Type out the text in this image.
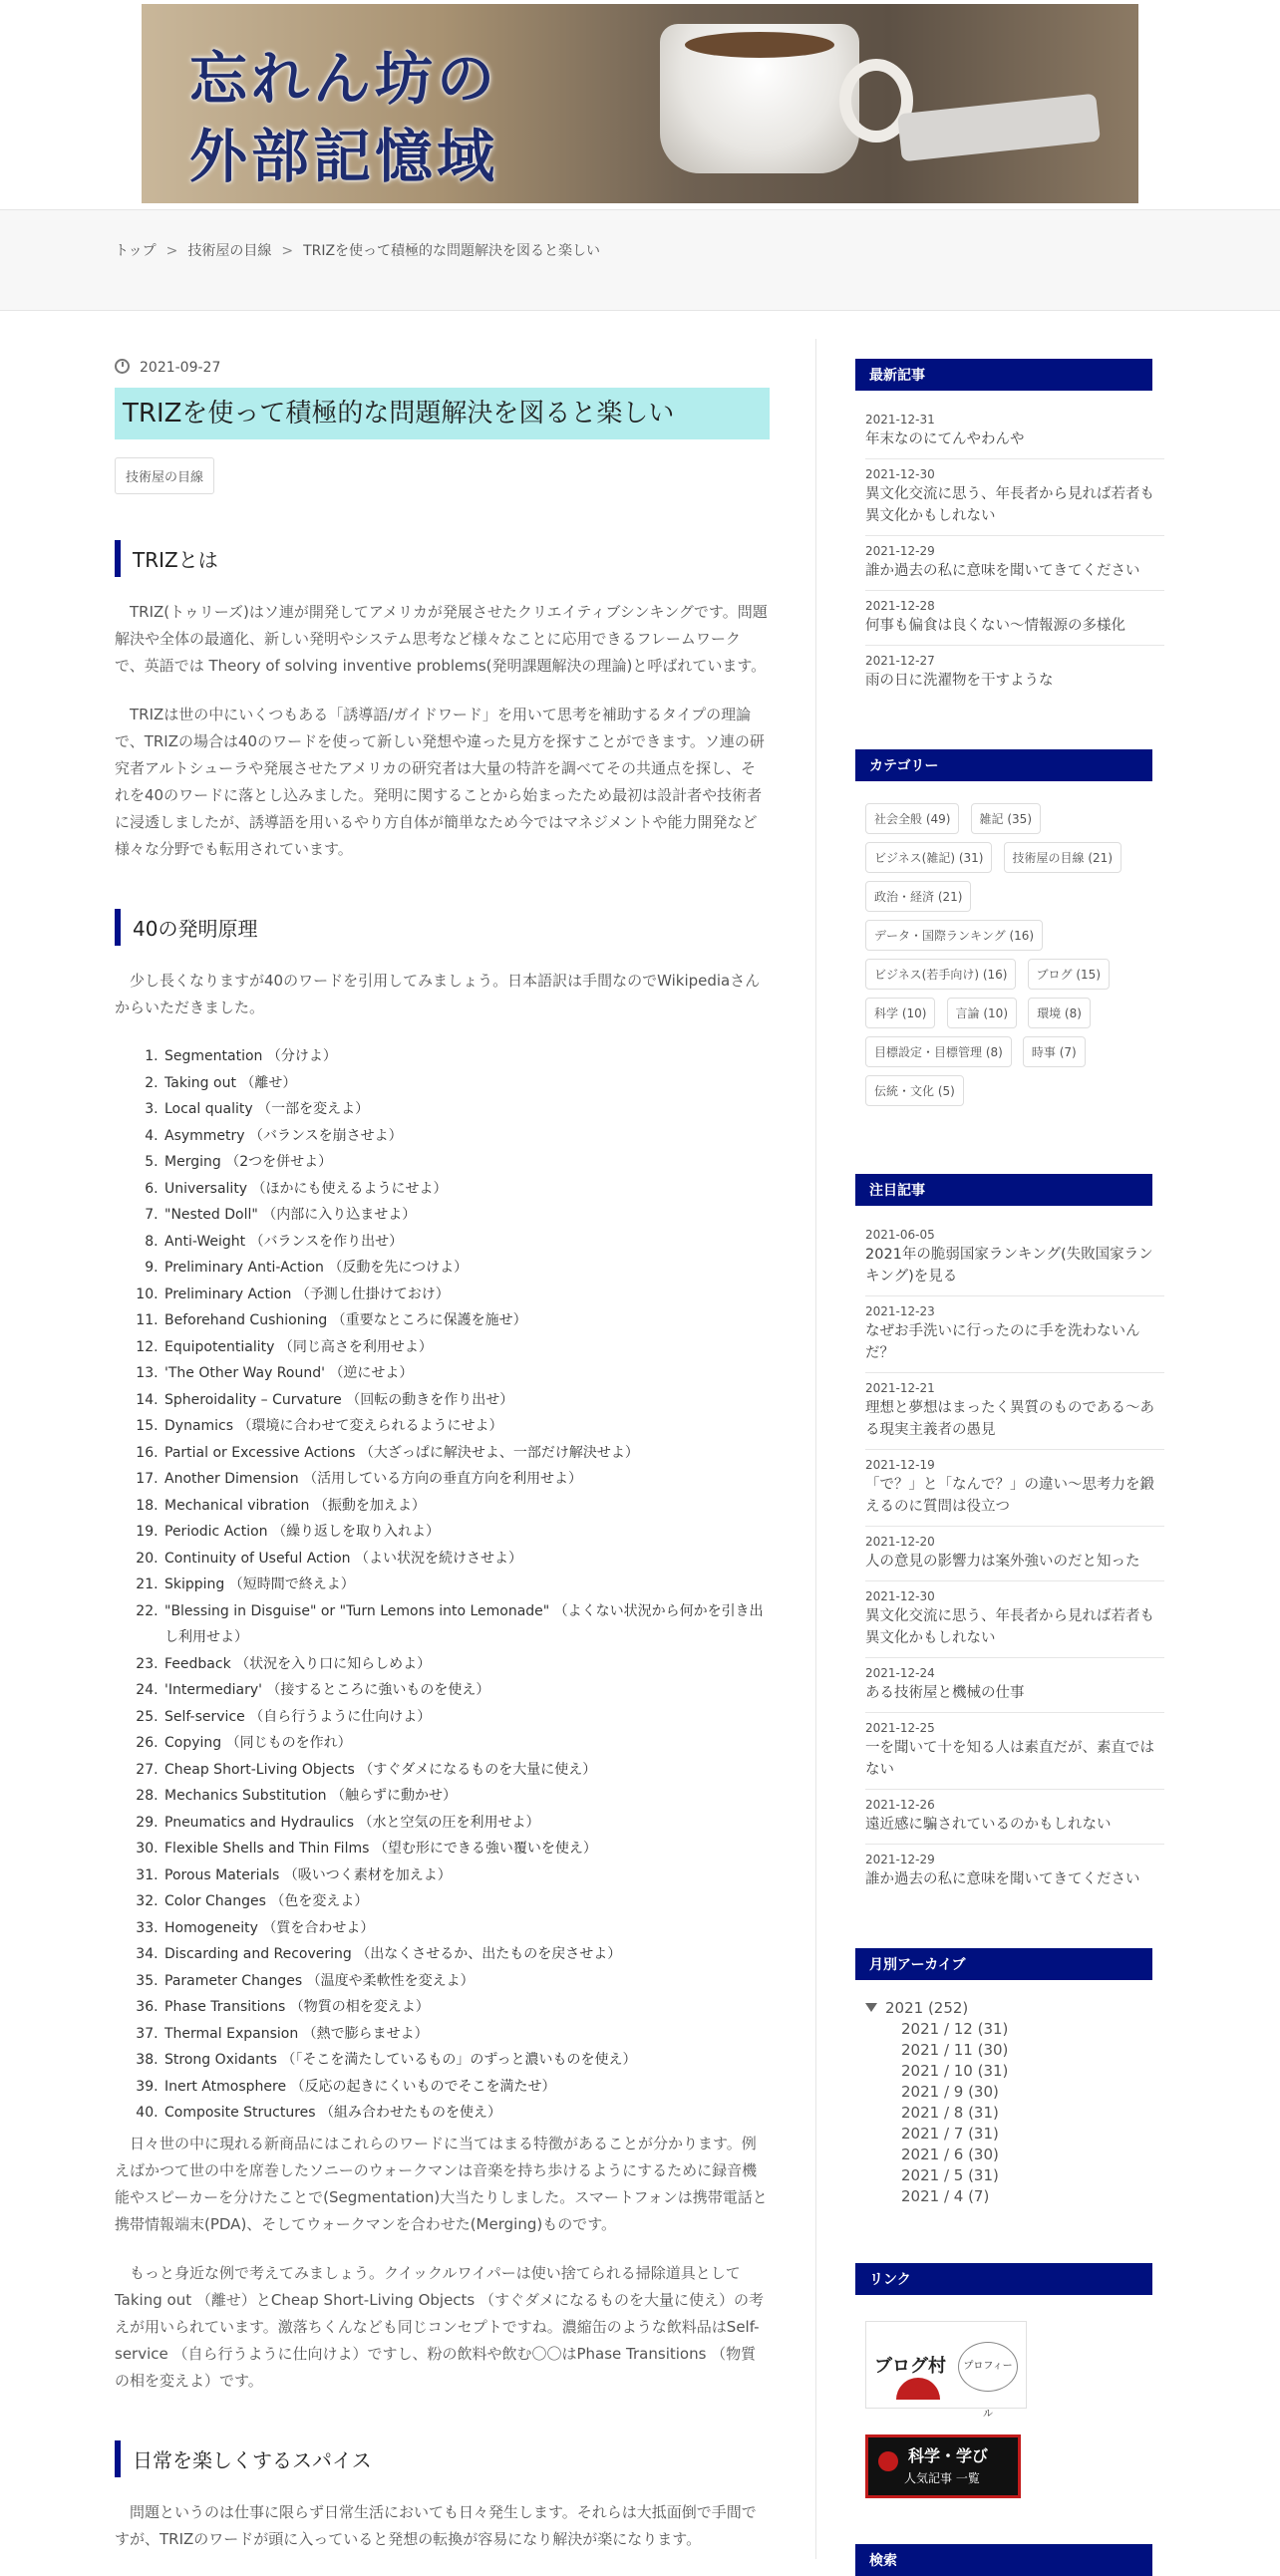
忘れん坊の
外部記憶域
トップ > 技術屋の目線 > TRIZを使って積極的な問題解決を図ると楽しい
2021-09-27
TRIZを使って積極的な問題解決を図ると楽しい
技術屋の目線
TRIZとは

TRIZ(トゥリーズ)はソ連が開発してアメリカが発展させたクリエイティブシンキングです。問題解決や全体の最適化、新しい発明やシステム思考など様々なことに応用できるフレームワークで、英語では Theory of solving inventive problems(発明課題解決の理論)と呼ばれています。

TRIZは世の中にいくつもある「誘導語/ガイドワード」を用いて思考を補助するタイプの理論で、TRIZの場合は40のワードを使って新しい発想や違った見方を探すことができます。ソ連の研究者アルトシューラや発展させたアメリカの研究者は大量の特許を調べてその共通点を探し、それを40のワードに落とし込みました。発明に関することから始まったため最初は設計者や技術者に浸透しましたが、誘導語を用いるやり方自体が簡単なため今ではマネジメントや能力開発など様々な分野でも転用されています。

40の発明原理

少し長くなりますが40のワードを引用してみましょう。日本語訳は手間なのでWikipediaさんからいただきました。

1. Segmentation （分けよ）
2. Taking out （離せ）
3. Local quality （一部を変えよ）
4. Asymmetry （バランスを崩させよ）
5. Merging （2つを併せよ）
6. Universality （ほかにも使えるようにせよ）
7. "Nested Doll" （内部に入り込ませよ）
8. Anti-Weight （バランスを作り出せ）
9. Preliminary Anti-Action （反動を先につけよ）
10. Preliminary Action （予測し仕掛けておけ）
11. Beforehand Cushioning （重要なところに保護を施せ）
12. Equipotentiality （同じ高さを利用せよ）
13. 'The Other Way Round' （逆にせよ）
14. Spheroidality – Curvature （回転の動きを作り出せ）
15. Dynamics （環境に合わせて変えられるようにせよ）
16. Partial or Excessive Actions （大ざっぱに解決せよ、一部だけ解決せよ）
17. Another Dimension （活用している方向の垂直方向を利用せよ）
18. Mechanical vibration （振動を加えよ）
19. Periodic Action （繰り返しを取り入れよ）
20. Continuity of Useful Action （よい状況を続けさせよ）
21. Skipping （短時間で終えよ）
22. "Blessing in Disguise" or "Turn Lemons into Lemonade" （よくない状況から何かを引き出し利用せよ）
23. Feedback （状況を入り口に知らしめよ）
24. 'Intermediary' （接するところに強いものを使え）
25. Self-service （自ら行うように仕向けよ）
26. Copying （同じものを作れ）
27. Cheap Short-Living Objects （すぐダメになるものを大量に使え）
28. Mechanics Substitution （触らずに動かせ）
29. Pneumatics and Hydraulics （水と空気の圧を利用せよ）
30. Flexible Shells and Thin Films （望む形にできる強い覆いを使え）
31. Porous Materials （吸いつく素材を加えよ）
32. Color Changes （色を変えよ）
33. Homogeneity （質を合わせよ）
34. Discarding and Recovering （出なくさせるか、出たものを戻させよ）
35. Parameter Changes （温度や柔軟性を変えよ）
36. Phase Transitions （物質の相を変えよ）
37. Thermal Expansion （熱で膨らませよ）
38. Strong Oxidants （「そこを満たしているもの」のずっと濃いものを使え）
39. Inert Atmosphere （反応の起きにくいものでそこを満たせ）
40. Composite Structures （組み合わせたものを使え）

日々世の中に現れる新商品にはこれらのワードに当てはまる特徴があることが分かります。例えばかつて世の中を席巻したソニーのウォークマンは音楽を持ち歩けるようにするために録音機能やスピーカーを分けたことで(Segmentation)大当たりしました。スマートフォンは携帯電話と携帯情報端末(PDA)、そしてウォークマンを合わせた(Merging)ものです。

もっと身近な例で考えてみましょう。クイックルワイパーは使い捨てられる掃除道具としてTaking out （離せ）とCheap Short-Living Objects （すぐダメになるものを大量に使え）の考えが用いられています。激落ちくんなども同じコンセプトですね。濃縮缶のような飲料品はSelf-service （自ら行うように仕向けよ）ですし、粉の飲料や飲む〇〇はPhase Transitions （物質の相を変えよ）です。

日常を楽しくするスパイス

問題というのは仕事に限らず日常生活においても日々発生します。それらは大抵面倒で手間ですが、TRIZのワードが頭に入っていると発想の転換が容易になり解決が楽になります。

最新記事
2021-12-31
年末なのにてんやわんや
2021-12-30
異文化交流に思う、年長者から見れば若者も異文化かもしれない
2021-12-29
誰か過去の私に意味を聞いてきてください
2021-12-28
何事も偏食は良くない〜情報源の多様化
2021-12-27
雨の日に洗濯物を干すような
カテゴリー
社会全般 (49) 雑記 (35) ビジネス(雑記) (31) 技術屋の目線 (21) 政治・経済 (21) データ・国際ランキング (16) ビジネス(若手向け) (16) ブログ (15) 科学 (10) 言論 (10) 環境 (8) 目標設定・目標管理 (8) 時事 (7) 伝統・文化 (5)
注目記事
2021-06-05
2021年の脆弱国家ランキング(失敗国家ランキング)を見る
2021-12-23
なぜお手洗いに行ったのに手を洗わないんだ？
2021-12-21
理想と夢想はまったく異質のものである〜ある現実主義者の愚見
2021-12-19
「で？」と「なんで？」の違い〜思考力を鍛えるのに質問は役立つ
2021-12-20
人の意見の影響力は案外強いのだと知った
2021-12-30
異文化交流に思う、年長者から見れば若者も異文化かもしれない
2021-12-24
ある技術屋と機械の仕事
2021-12-25
一を聞いて十を知る人は素直だが、素直ではない
2021-12-26
遠近感に騙されているのかもしれない
2021-12-29
誰か過去の私に意味を聞いてきてください
月別アーカイブ
2021 (252)
2021 / 12 (31)
2021 / 11 (30)
2021 / 10 (31)
2021 / 9 (30)
2021 / 8 (31)
2021 / 7 (31)
2021 / 6 (30)
2021 / 5 (31)
2021 / 4 (7)
リンク
ブログ村	プロフィール
科学・学び
人気記事 一覧
検索
